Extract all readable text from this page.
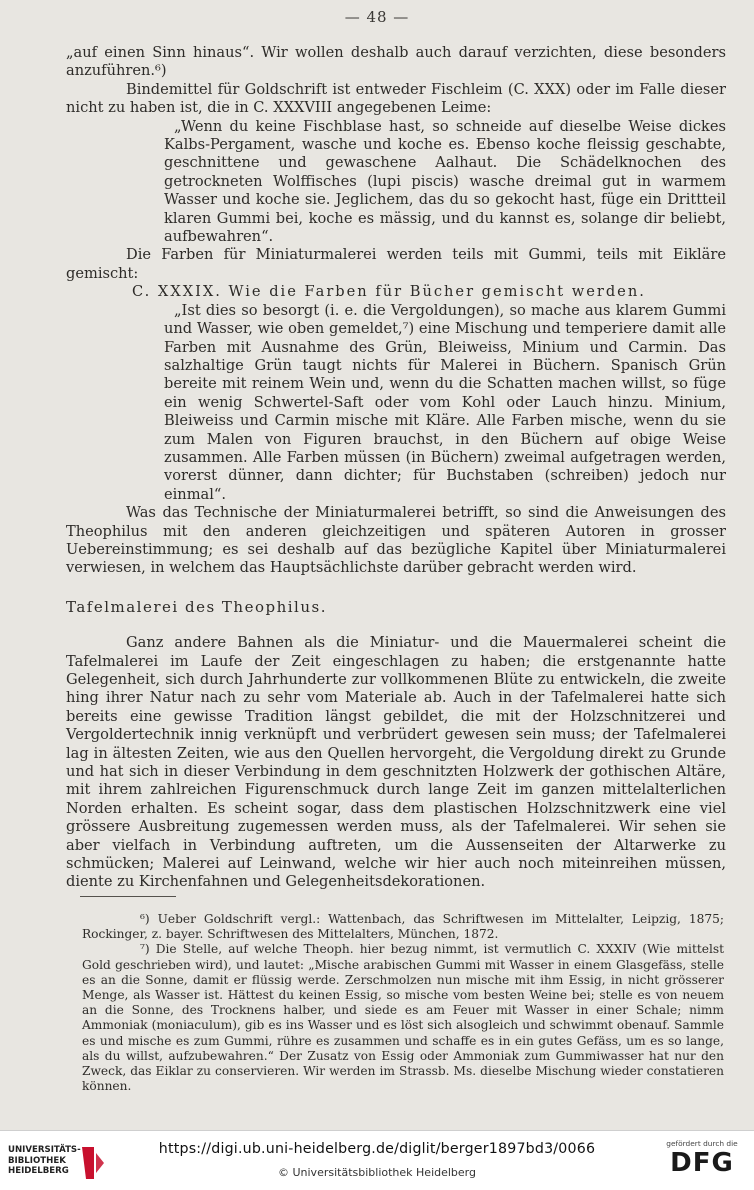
— 48 —

„auf einen Sinn hinaus“. Wir wollen deshalb auch darauf verzichten, diese besonders anzuführen.⁶)

Bindemittel für Goldschrift ist entweder Fischleim (C. XXX) oder im Falle dieser nicht zu haben ist, die in C. XXXVIII angegebenen Leime:

„Wenn du keine Fischblase hast, so schneide auf dieselbe Weise dickes Kalbs-Pergament, wasche und koche es. Ebenso koche fleissig geschabte, geschnittene und gewaschene Aalhaut. Die Schädelknochen des getrockneten Wolffisches (lupi piscis) wasche dreimal gut in warmem Wasser und koche sie. Jeglichem, das du so gekocht hast, füge ein Drittteil klaren Gummi bei, koche es mässig, und du kannst es, solange dir beliebt, aufbewahren“.

Die Farben für Miniaturmalerei werden teils mit Gummi, teils mit Eikläre gemischt:

C. XXXIX. Wie die Farben für Bücher gemischt werden.

„Ist dies so besorgt (i. e. die Vergoldungen), so mache aus klarem Gummi und Wasser, wie oben gemeldet,⁷) eine Mischung und temperiere damit alle Farben mit Ausnahme des Grün, Bleiweiss, Minium und Carmin. Das salzhaltige Grün taugt nichts für Malerei in Büchern. Spanisch Grün bereite mit reinem Wein und, wenn du die Schatten machen willst, so füge ein wenig Schwertel-Saft oder vom Kohl oder Lauch hinzu. Minium, Bleiweiss und Carmin mische mit Kläre. Alle Farben mische, wenn du sie zum Malen von Figuren brauchst, in den Büchern auf obige Weise zusammen. Alle Farben müssen (in Büchern) zweimal aufgetragen werden, vorerst dünner, dann dichter; für Buchstaben (schreiben) jedoch nur einmal“.

Was das Technische der Miniaturmalerei betrifft, so sind die Anweisungen des Theophilus mit den anderen gleichzeitigen und späteren Autoren in grosser Uebereinstimmung; es sei deshalb auf das bezügliche Kapitel über Miniaturmalerei verwiesen, in welchem das Hauptsächlichste darüber gebracht werden wird.

Tafelmalerei des Theophilus.

Ganz andere Bahnen als die Miniatur- und die Mauermalerei scheint die Tafelmalerei im Laufe der Zeit eingeschlagen zu haben; die erstgenannte hatte Gelegenheit, sich durch Jahrhunderte zur vollkommenen Blüte zu entwickeln, die zweite hing ihrer Natur nach zu sehr vom Materiale ab. Auch in der Tafelmalerei hatte sich bereits eine gewisse Tradition längst gebildet, die mit der Holzschnitzerei und Vergoldertechnik innig verknüpft und verbrüdert gewesen sein muss; der Tafelmalerei lag in ältesten Zeiten, wie aus den Quellen hervorgeht, die Vergoldung direkt zu Grunde und hat sich in dieser Verbindung in dem geschnitzten Holzwerk der gothischen Altäre, mit ihrem zahlreichen Figurenschmuck durch lange Zeit im ganzen mittelalterlichen Norden erhalten. Es scheint sogar, dass dem plastischen Holzschnitzwerk eine viel grössere Ausbreitung zugemessen werden muss, als der Tafelmalerei. Wir sehen sie aber vielfach in Verbindung auftreten, um die Aussenseiten der Altarwerke zu schmücken; Malerei auf Leinwand, welche wir hier auch noch miteinreihen müssen, diente zu Kirchenfahnen und Gelegenheitsdekorationen.

⁶) Ueber Goldschrift vergl.: Wattenbach, das Schriftwesen im Mittelalter, Leipzig, 1875; Rockinger, z. bayer. Schriftwesen des Mittelalters, München, 1872.

⁷) Die Stelle, auf welche Theoph. hier bezug nimmt, ist vermutlich C. XXXIV (Wie mittelst Gold geschrieben wird), und lautet: „Mische arabischen Gummi mit Wasser in einem Glasgefäss, stelle es an die Sonne, damit er flüssig werde. Zerschmolzen nun mische mit ihm Essig, in nicht grösserer Menge, als Wasser ist. Hättest du keinen Essig, so mische vom besten Weine bei; stelle es von neuem an die Sonne, des Trocknens halber, und siede es am Feuer mit Wasser in einer Schale; nimm Ammoniak (moniaculum), gib es ins Wasser und es löst sich alsogleich und schwimmt obenauf. Sammle es und mische es zum Gummi, rühre es zusammen und schaffe es in ein gutes Gefäss, um es so lange, als du willst, aufzubewahren.“ Der Zusatz von Essig oder Ammoniak zum Gummiwasser hat nur den Zweck, das Eiklar zu conservieren. Wir werden im Strassb. Ms. dieselbe Mischung wieder constatieren können.

UNIVERSITÄTS-
BIBLIOTHEK
HEIDELBERG
https://digi.ub.uni-heidelberg.de/diglit/berger1897bd3/0066
© Universitätsbibliothek Heidelberg
gefördert durch die
DFG
